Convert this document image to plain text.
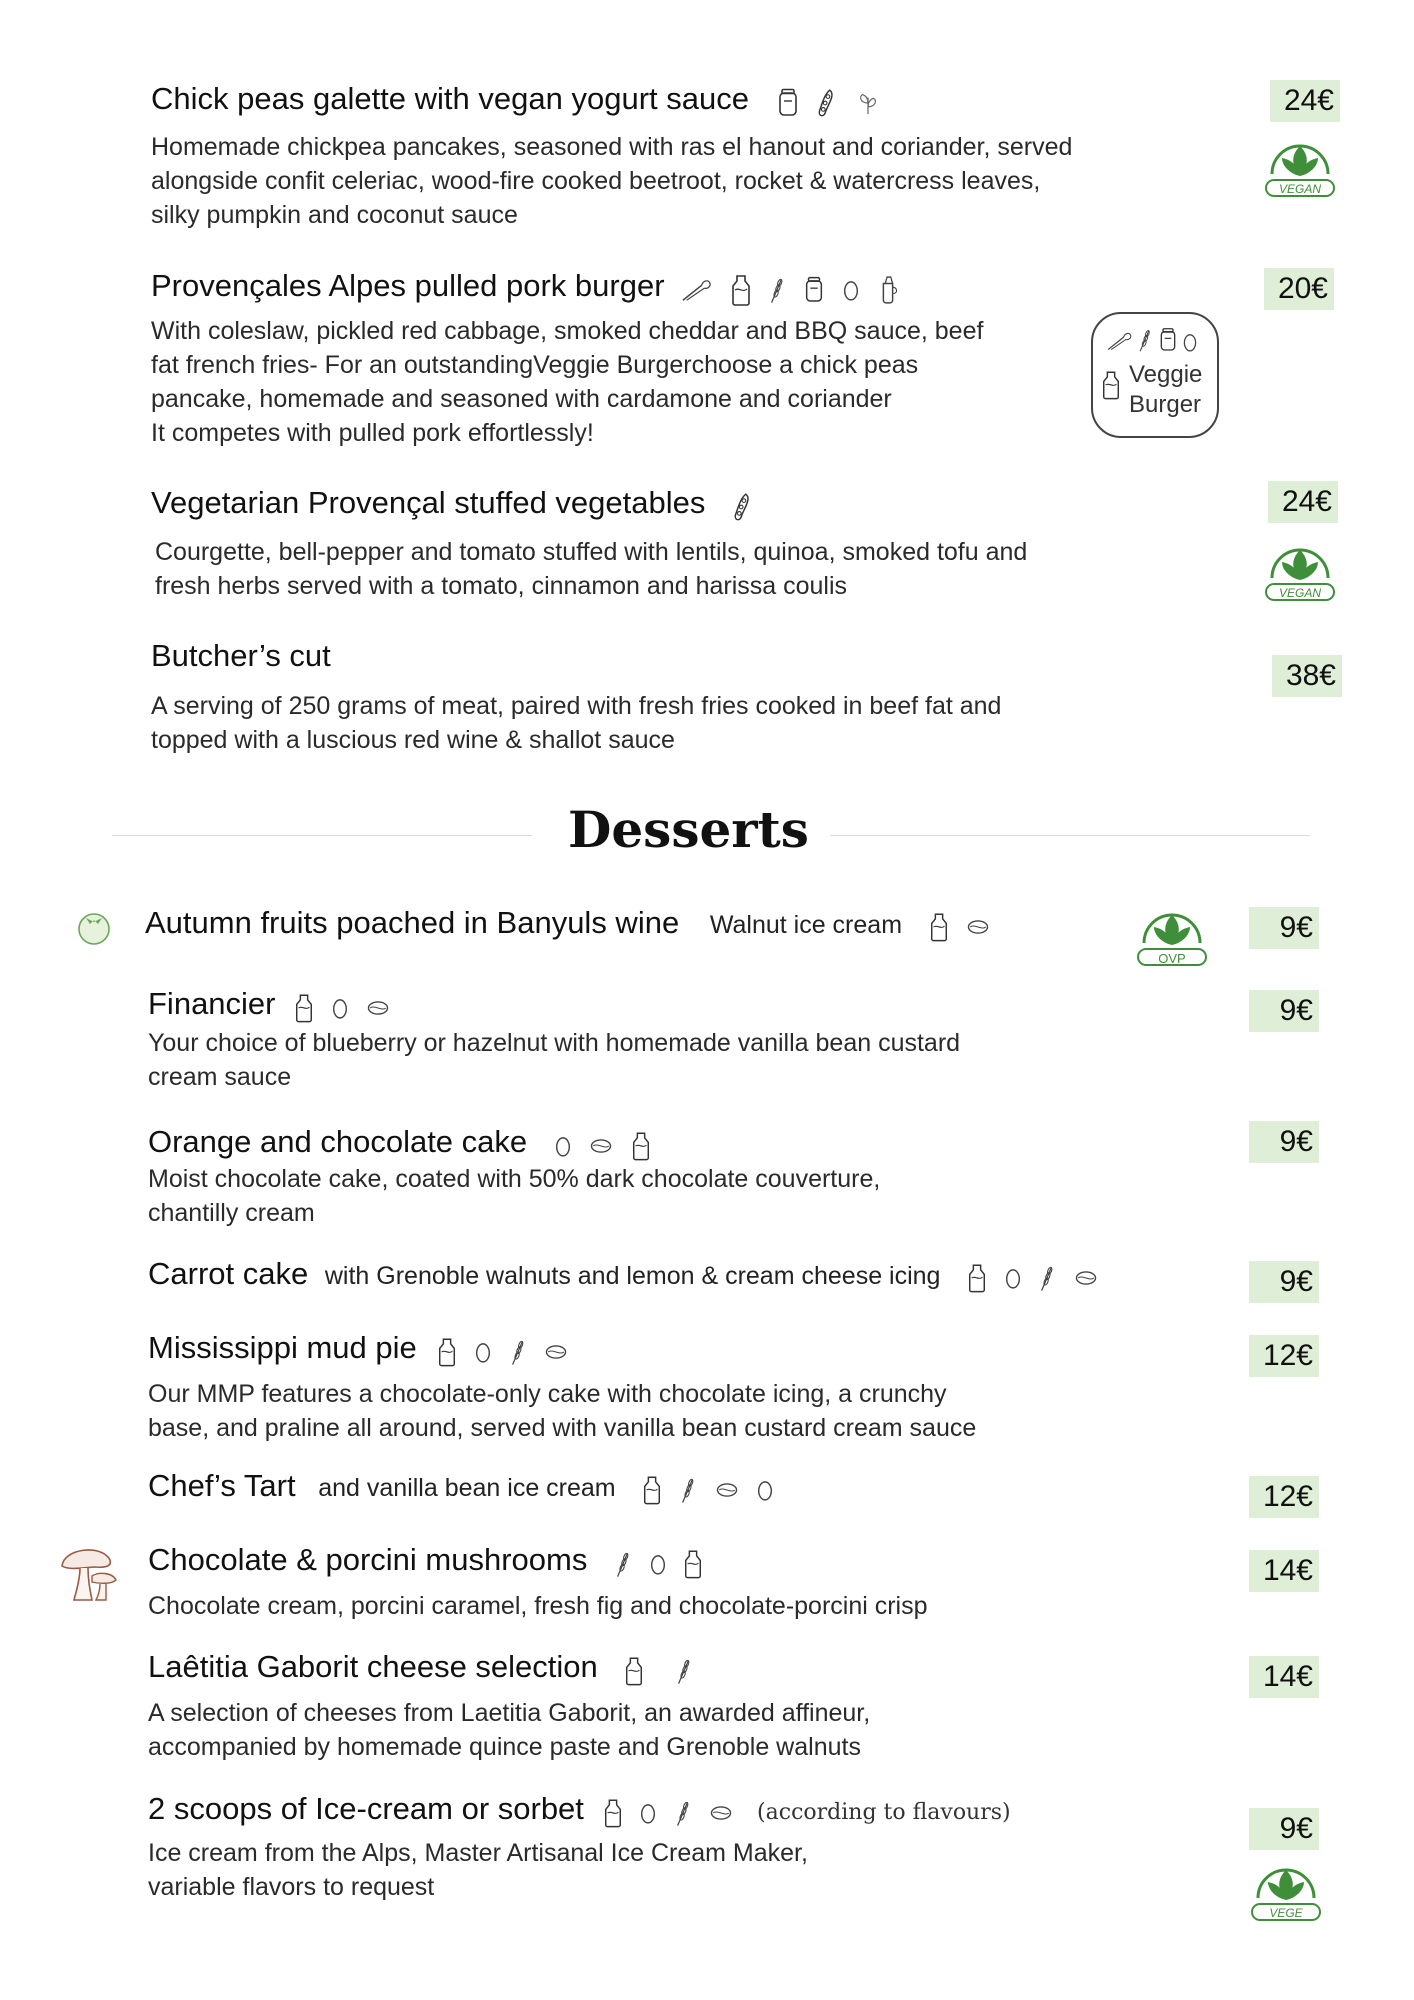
Chick peas galette with vegan yogurt sauce
Homemade chickpea pancakes, seasoned with ras el hanout and coriander, served
alongside confit celeriac, wood-fire cooked beetroot, rocket & watercress leaves,
silky pumpkin and coconut sauce
24€
VEGAN
Provençales Alpes pulled pork burger
With coleslaw, pickled red cabbage, smoked cheddar and BBQ sauce, beef
fat french fries- For an outstandingVeggie Burgerchoose a chick peas
pancake, homemade and seasoned with cardamone and coriander
It competes with pulled pork effortlessly!
20€

Veggie
Burger
Vegetarian Provençal stuffed vegetables
Courgette, bell-pepper and tomato stuffed with lentils, quinoa, smoked tofu and
fresh herbs served with a tomato, cinnamon and harissa coulis
24€
VEGAN
Butcher’s cut
A serving of 250 grams of meat, paired with fresh fries cooked in beef fat and
topped with a luscious red wine & shallot sauce
38€
Desserts
Autumn fruits poached in Banyuls wine Walnut ice cream
OVP
9€
Financier
Your choice of blueberry or hazelnut with homemade vanilla bean custard
cream sauce
9€
Orange and chocolate cake
Moist chocolate cake, coated with 50% dark chocolate couverture,
chantilly cream
9€
Carrot cake with Grenoble walnuts and lemon & cream cheese icing	9€
Mississippi mud pie
Our MMP features a chocolate-only cake with chocolate icing, a crunchy
base, and praline all around, served with vanilla bean custard cream sauce
12€
Chef’s Tart and vanilla bean ice cream	12€
Chocolate & porcini mushrooms
Chocolate cream, porcini caramel, fresh fig and chocolate-porcini crisp
14€
Laêtitia Gaborit cheese selection
A selection of cheeses from Laetitia Gaborit, an awarded affineur,
accompanied by homemade quince paste and Grenoble walnuts
14€
2 scoops of Ice-cream or sorbet	(according to flavours)
Ice cream from the Alps, Master Artisanal Ice Cream Maker,
variable flavors to request
9€
VEGE
